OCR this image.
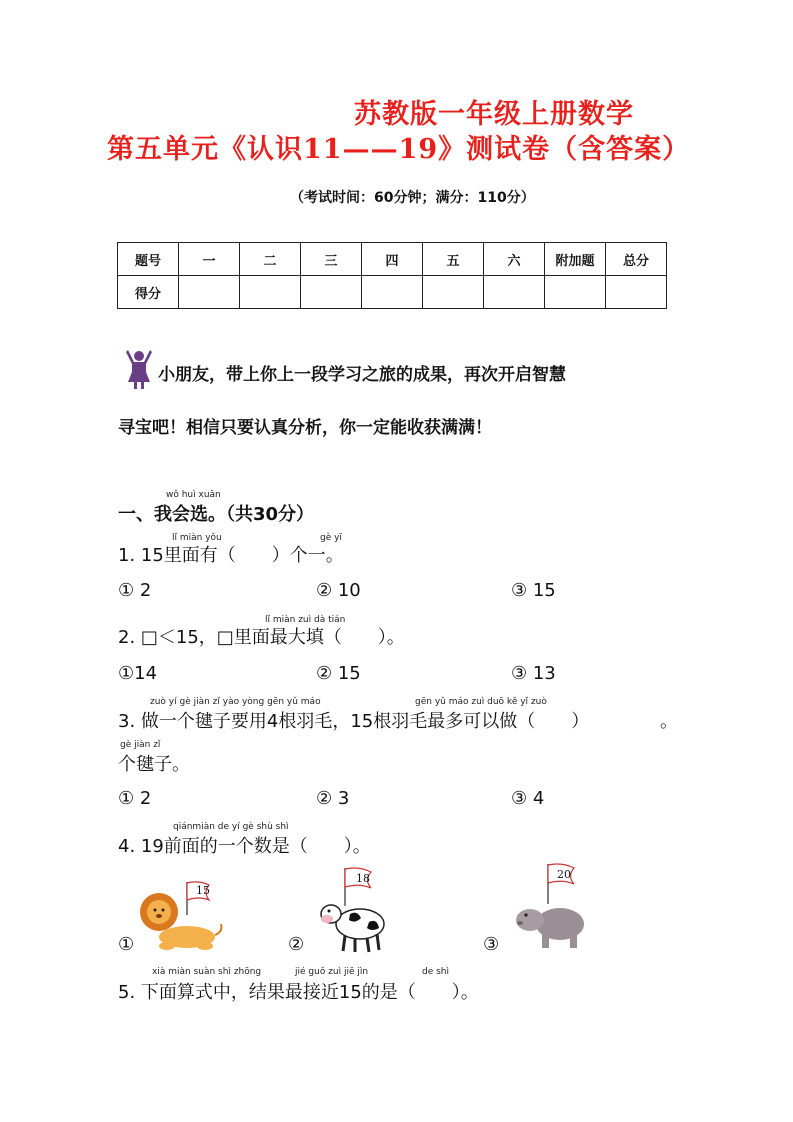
苏教版一年级上册数学
第五单元《认识11——19》测试卷（含答案）
（考试时间：60分钟；满分：110分）
题号	一	二	三	四	五	六	附加题	总分
得分								
小朋友，带上你上一段学习之旅的成果，再次开启智慧
寻宝吧！相信只要认真分析，你一定能收获满满！
wǒ huì xuǎn
一、我会选。（共30分）
lǐ miàn yǒu	gè yī
1. 15里面有（　　）个一。
① 2	② 10	③ 15
lǐ miàn zuì dà tián
2. □＜15，□里面最大填（　　）。
①14	② 15	③ 13
zuò yí gè jiàn zǐ yào yòng gēn yǔ máo	gēn yǔ máo zuì duō kě yǐ zuò
3. 做一个毽子要用4根羽毛，15根羽毛最多可以做（　　）	。
gè jiàn zǐ
个毽子。
① 2	② 3	③ 4
qiánmiàn de yí gè shù shì
4. 19前面的一个数是（　　）。
①	②	③
15
18	20
xià miàn suàn shì zhōng	jié guǒ zuì jiē jìn	de shì
5. 下面算式中，结果最接近15的是（　　）。
